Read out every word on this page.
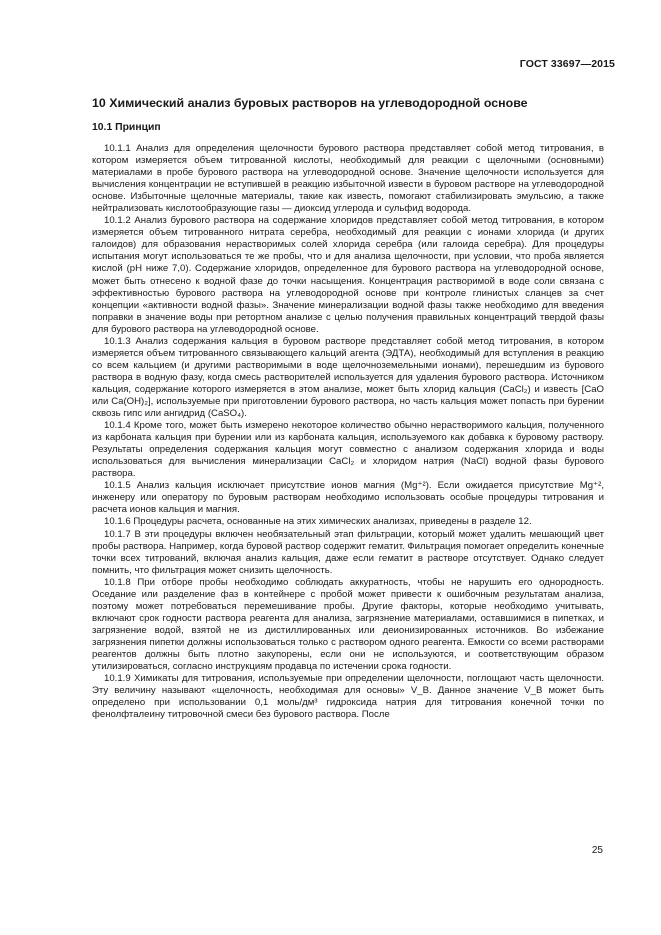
ГОСТ 33697—2015
10 Химический анализ буровых растворов на углеводородной основе
10.1 Принцип

10.1.1 Анализ для определения щелочности бурового раствора представляет собой метод титрования, в котором измеряется объем титрованной кислоты, необходимый для реакции с щелочными (основными) материалами в пробе бурового раствора на углеводородной основе. Значение щелочности используется для вычисления концентрации не вступившей в реакцию избыточной извести в буровом растворе на углеводородной основе. Избыточные щелочные материалы, такие как известь, помогают стабилизировать эмульсию, а также нейтрализовать кислотообразующие газы — диоксид углерода и сульфид водорода.

10.1.2 Анализ бурового раствора на содержание хлоридов представляет собой метод титрования, в котором измеряется объем титрованного нитрата серебра, необходимый для реакции с ионами хлорида (и других галоидов) для образования нерастворимых солей хлорида серебра (или галоида серебра). Для процедуры испытания могут использоваться те же пробы, что и для анализа щелочности, при условии, что проба является кислой (pH ниже 7,0). Содержание хлоридов, определенное для бурового раствора на углеводородной основе, может быть отнесено к водной фазе до точки насыщения. Концентрация растворимой в воде соли связана с эффективностью бурового раствора на углеводородной основе при контроле глинистых сланцев за счет концепции «активности водной фазы». Значение минерализации водной фазы также необходимо для введения поправки в значение воды при ретортном анализе с целью получения правильных концентраций твердой фазы для бурового раствора на углеводородной основе.

10.1.3 Анализ содержания кальция в буровом растворе представляет собой метод титрования, в котором измеряется объем титрованного связывающего кальций агента (ЭДТА), необходимый для вступления в реакцию со всем кальцием (и другими растворимыми в воде щелочноземельными ионами), перешедшим из бурового раствора в водную фазу, когда смесь растворителей используется для удаления бурового раствора. Источником кальция, содержание которого измеряется в этом анализе, может быть хлорид кальция (CaCl₂) и известь [CaO или Ca(OH)₂], используемые при приготовлении бурового раствора, но часть кальция может попасть при бурении сквозь гипс или ангидрид (CaSO₄).

10.1.4 Кроме того, может быть измерено некоторое количество обычно нерастворимого кальция, полученного из карбоната кальция при бурении или из карбоната кальция, используемого как добавка к буровому раствору. Результаты определения содержания кальция могут совместно с анализом содержания хлорида и воды использоваться для вычисления минерализации CaCl₂ и хлоридом натрия (NaCl) водной фазы бурового раствора.

10.1.5 Анализ кальция исключает присутствие ионов магния (Mg⁺²). Если ожидается присутствие Mg⁺², инженеру или оператору по буровым растворам необходимо использовать особые процедуры титрования и расчета ионов кальция и магния.

10.1.6 Процедуры расчета, основанные на этих химических анализах, приведены в разделе 12.

10.1.7 В эти процедуры включен необязательный этап фильтрации, который может удалить мешающий цвет пробы раствора. Например, когда буровой раствор содержит гематит. Фильтрация помогает определить конечные точки всех титрований, включая анализ кальция, даже если гематит в растворе отсутствует. Однако следует помнить, что фильтрация может снизить щелочность.

10.1.8 При отборе пробы необходимо соблюдать аккуратность, чтобы не нарушить его однородность. Оседание или разделение фаз в контейнере с пробой может привести к ошибочным результатам анализа, поэтому может потребоваться перемешивание пробы. Другие факторы, которые необходимо учитывать, включают срок годности раствора реагента для анализа, загрязнение материалами, оставшимися в пипетках, и загрязнение водой, взятой не из дистиллированных или деионизированных источников. Во избежание загрязнения пипетки должны использоваться только с раствором одного реагента. Емкости со всеми растворами реагентов должны быть плотно закупорены, если они не используются, и соответствующим образом утилизироваться, согласно инструкциям продавца по истечении срока годности.

10.1.9 Химикаты для титрования, используемые при определении щелочности, поглощают часть щелочности. Эту величину называют «щелочность, необходимая для основы» V_B. Данное значение V_B может быть определено при использовании 0,1 моль/дм³ гидроксида натрия для титрования конечной точки по фенолфталеину титровочной смеси без бурового раствора. После

25
